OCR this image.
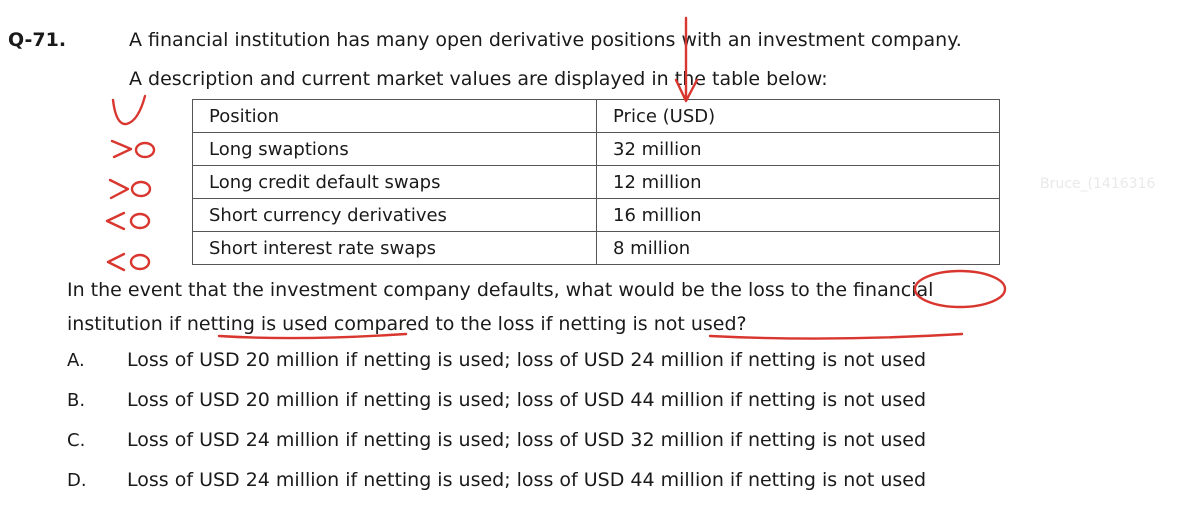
Q-71.	A financial institution has many open derivative positions with an investment company.
A description and current market values are displayed in the table below:
Position	Price (USD)
Long swaptions	32 million
Long credit default swaps	12 million
Short currency derivatives	16 million
Short interest rate swaps	8 million
Bruce_(1416316
In the event that the investment company defaults, what would be the loss to the financial
institution if netting is used compared to the loss if netting is not used?
A. Loss of USD 20 million if netting is used; loss of USD 24 million if netting is not used
B. Loss of USD 20 million if netting is used; loss of USD 44 million if netting is not used
C. Loss of USD 24 million if netting is used; loss of USD 32 million if netting is not used
D. Loss of USD 24 million if netting is used; loss of USD 44 million if netting is not used
